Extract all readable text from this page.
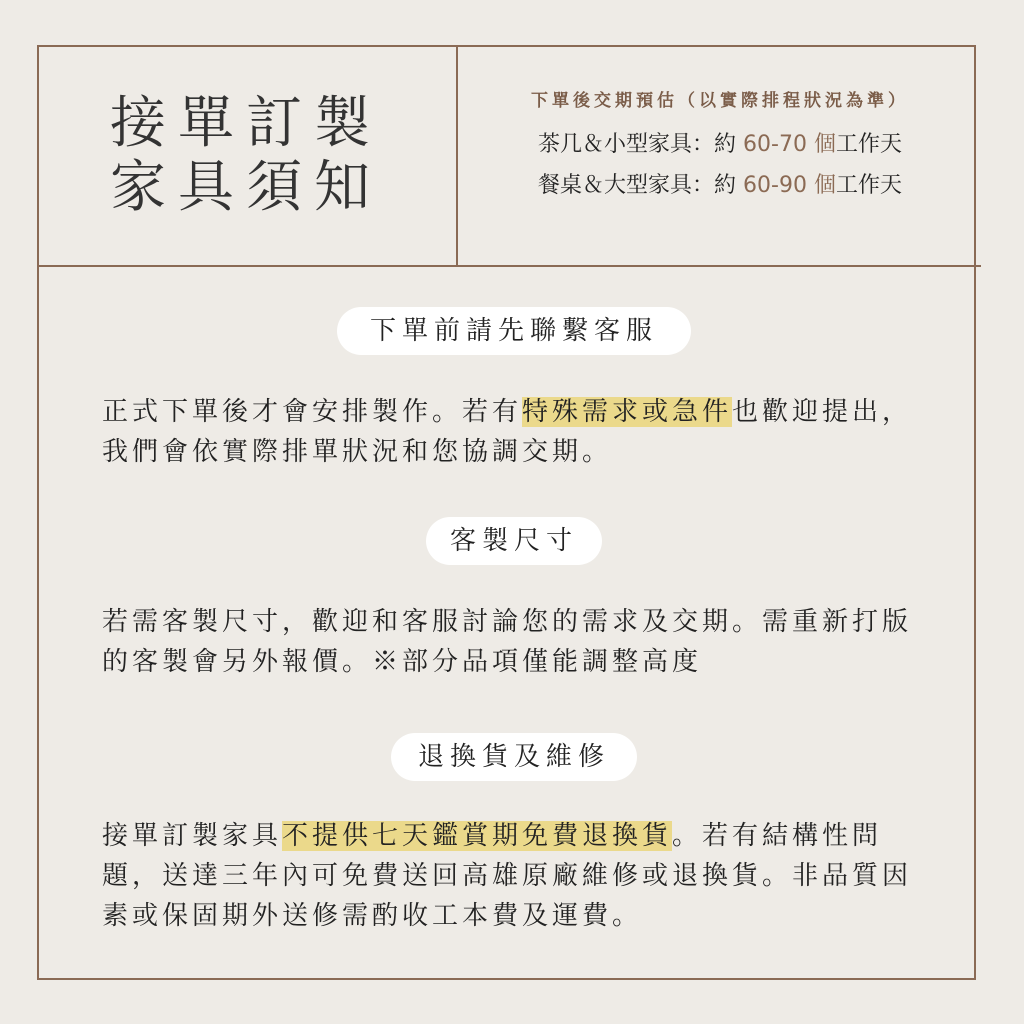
接單訂製
家具須知
下單後交期預估（以實際排程狀況為準）
茶几＆小型家具：約 60-70 個工作天
餐桌＆大型家具：約 60-90 個工作天
下單前請先聯繫客服
正式下單後才會安排製作。若有特殊需求或急件也歡迎提出，我們會依實際排單狀況和您協調交期。
客製尺寸
若需客製尺寸，歡迎和客服討論您的需求及交期。需重新打版的客製會另外報價。※部分品項僅能調整高度
退換貨及維修
接單訂製家具不提供七天鑑賞期免費退換貨。若有結構性問題，送達三年內可免費送回高雄原廠維修或退換貨。非品質因素或保固期外送修需酌收工本費及運費。
